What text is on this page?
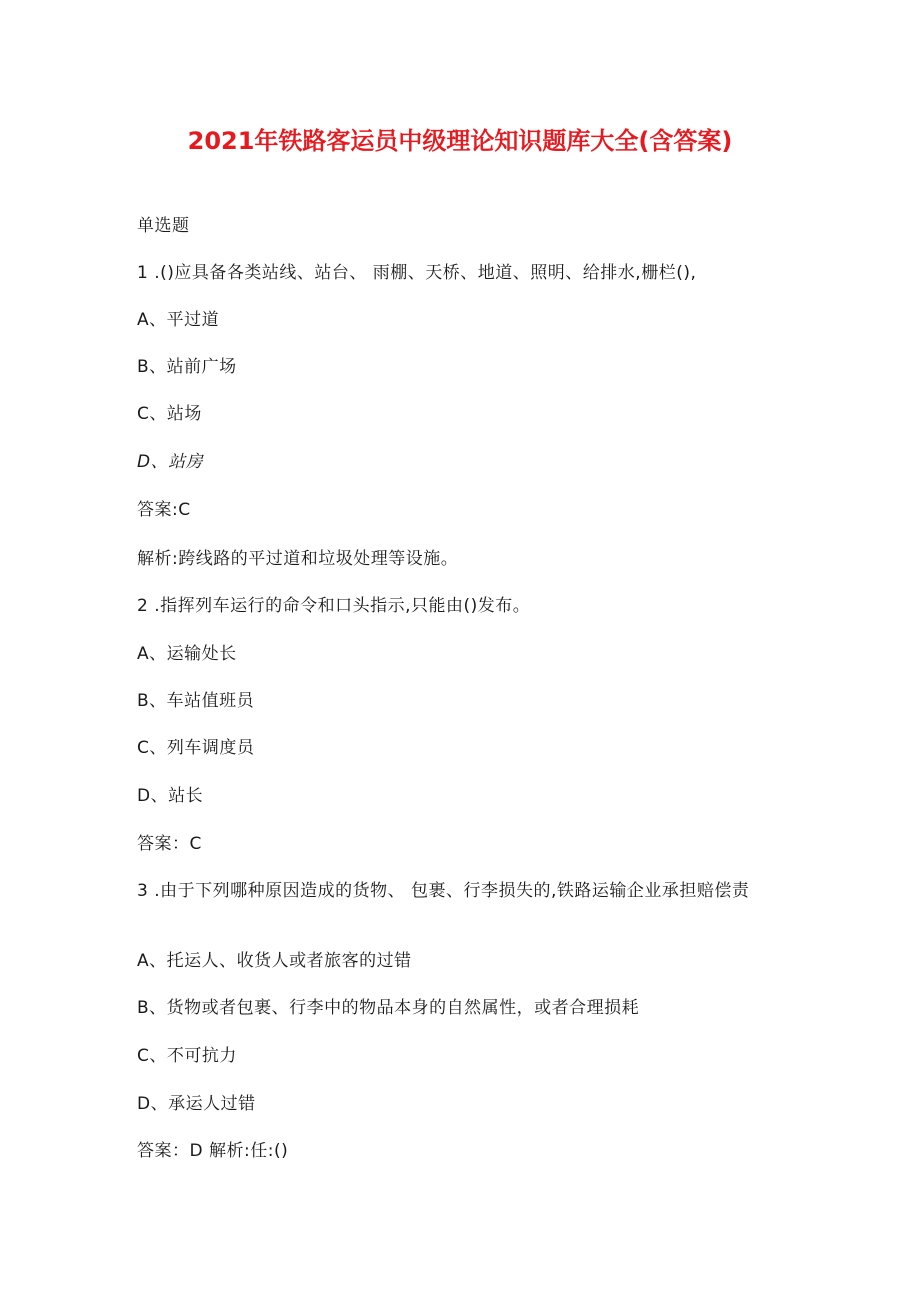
2021年铁路客运员中级理论知识题库大全(含答案)
单选题
1 .()应具备各类站线、站台、 雨棚、天桥、地道、照明、给排水,栅栏(),
A、平过道
B、站前广场
C、站场
D、站房
答案:C
解析:跨线路的平过道和垃圾处理等设施。
2 .指挥列车运行的命令和口头指示,只能由()发布。
A、运输处长
B、车站值班员
C、列车调度员
D、站长
答案：C
3 .由于下列哪种原因造成的货物、 包裹、行李损失的,铁路运输企业承担赔偿责
A、托运人、收货人或者旅客的过错
B、货物或者包裹、行李中的物品本身的自然属性，或者合理损耗
C、不可抗力
D、承运人过错
答案：D 解析:任:()
